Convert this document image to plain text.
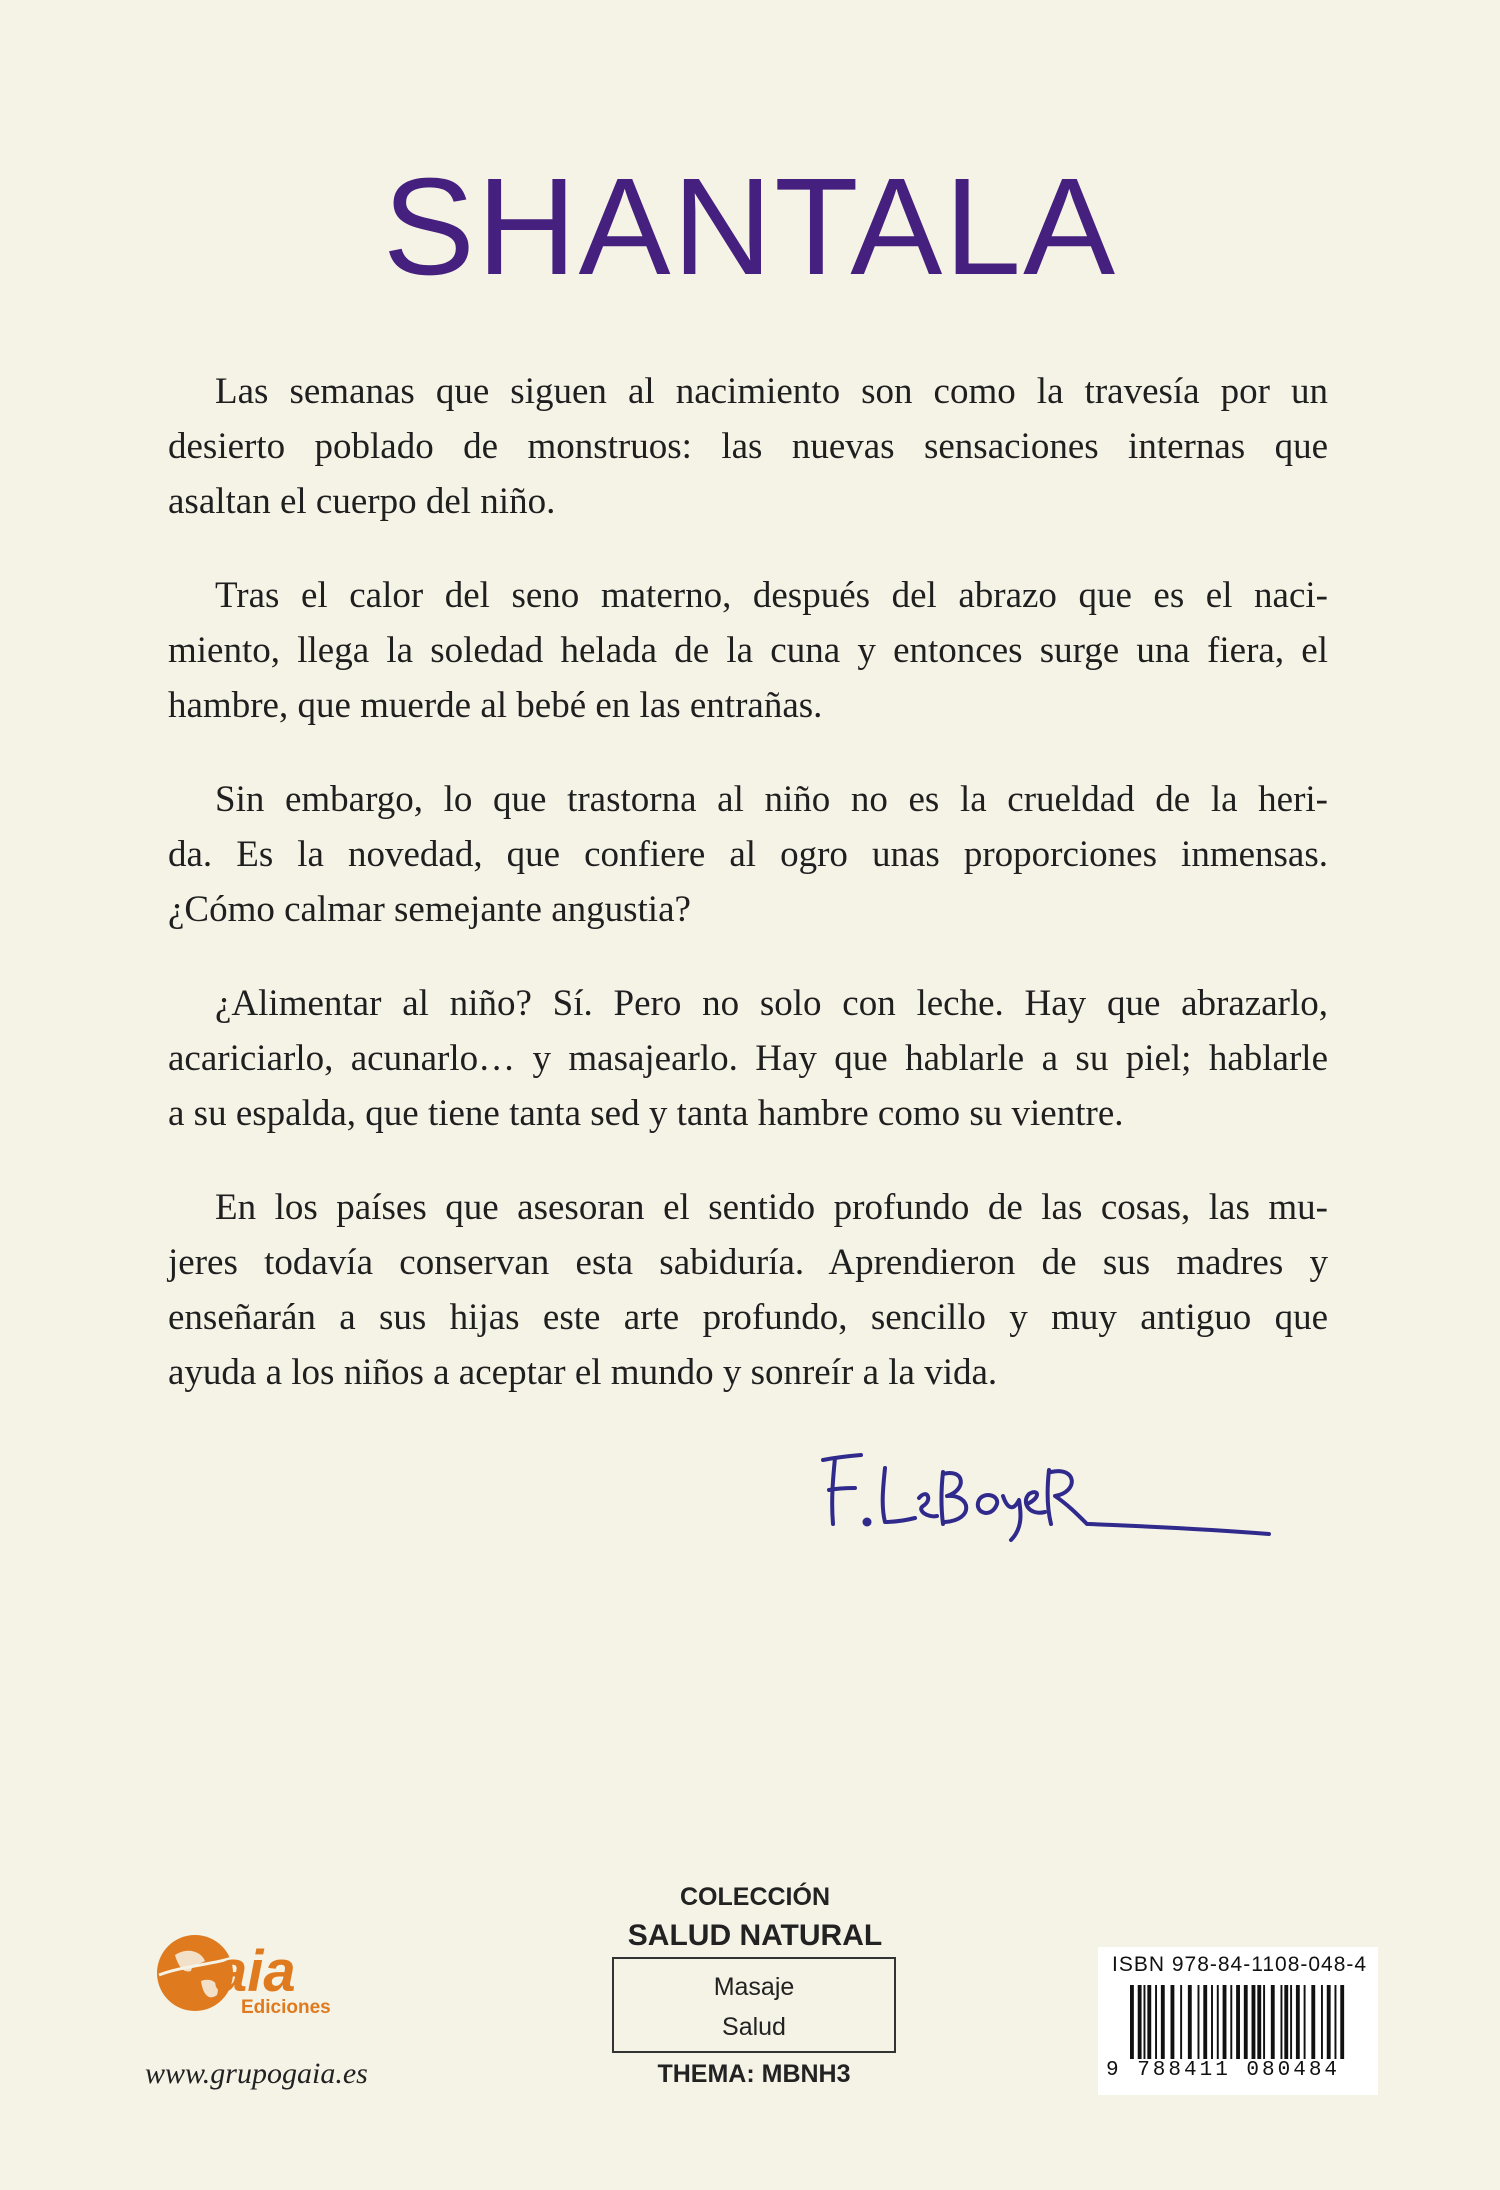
SHANTALA

Las semanas que siguen al nacimiento son como la travesía por un
desierto poblado de monstruos: las nuevas sensaciones internas que
asaltan el cuerpo del niño.

Tras el calor del seno materno, después del abrazo que es el naci-
miento, llega la soledad helada de la cuna y entonces surge una fiera, el
hambre, que muerde al bebé en las entrañas.

Sin embargo, lo que trastorna al niño no es la crueldad de la heri-
da. Es la novedad, que confiere al ogro unas proporciones inmensas.
¿Cómo calmar semejante angustia?

¿Alimentar al niño? Sí. Pero no solo con leche. Hay que abrazarlo,
acariciarlo, acunarlo… y masajearlo. Hay que hablarle a su piel; hablarle
a su espalda, que tiene tanta sed y tanta hambre como su vientre.

En los países que asesoran el sentido profundo de las cosas, las mu-
jeres todavía conservan esta sabiduría. Aprendieron de sus madres y
enseñarán a sus hijas este arte profundo, sencillo y muy antiguo que
ayuda a los niños a aceptar el mundo y sonreír a la vida.

aia
Ediciones
www.grupogaia.es
COLECCIÓN
SALUD NATURAL
Masaje
Salud
THEMA: MBNH3
ISBN 978-84-1108-048-4
9 788411 080484
